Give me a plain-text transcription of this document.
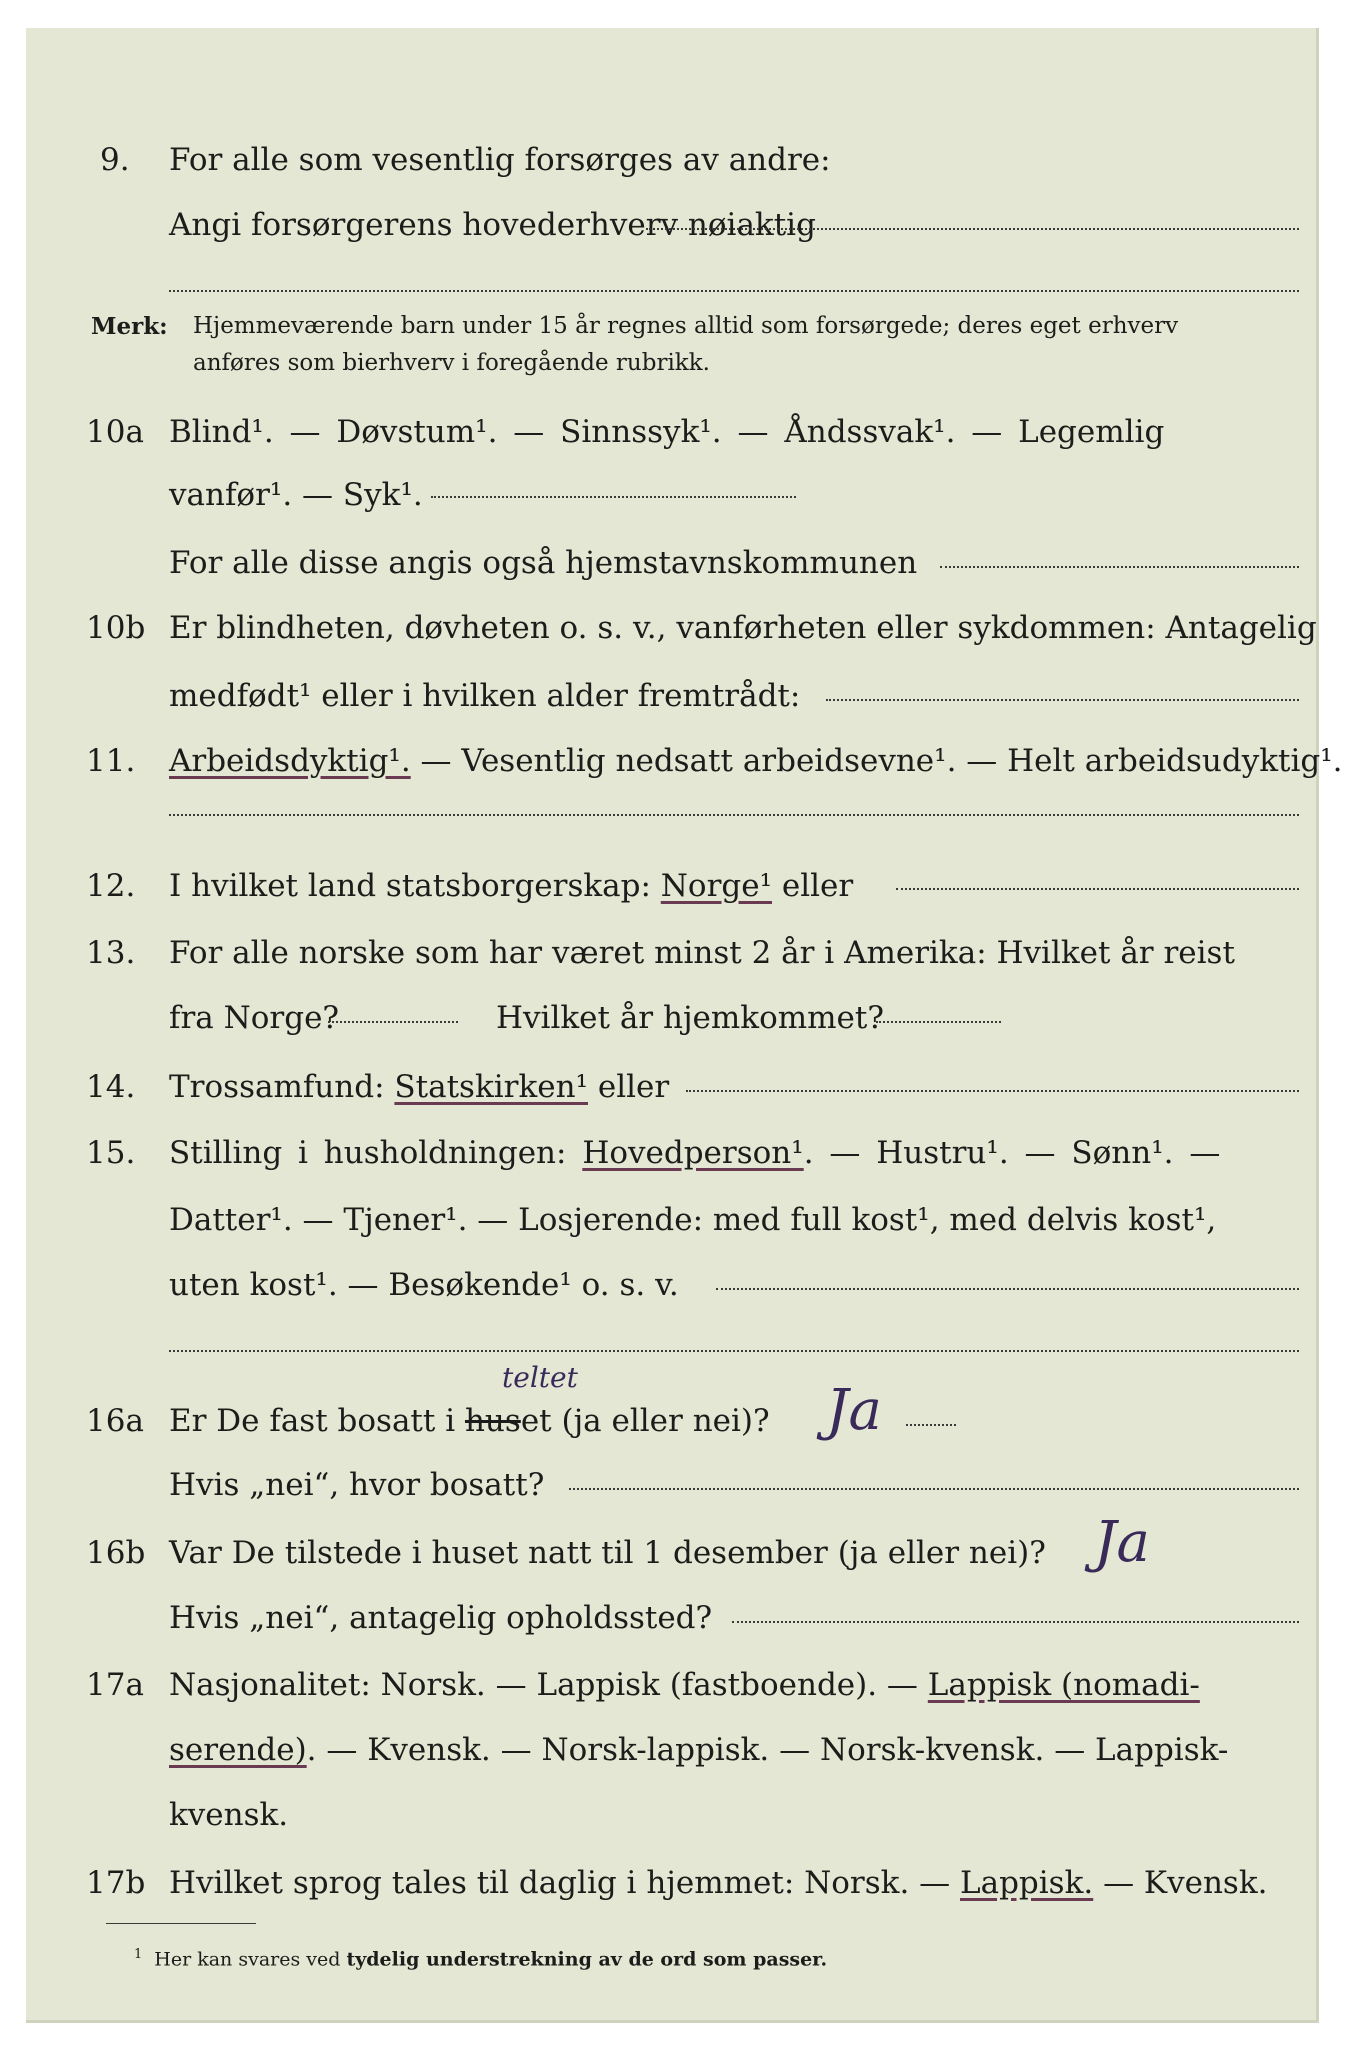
9. For alle som vesentlig forsørges av andre:
Angi forsørgerens hovederhverv nøiaktig
Merk: Hjemmeværende barn under 15 år regnes alltid som forsørgede; deres eget erhverv
anføres som bierhverv i foregående rubrikk.
10a Blind¹. — Døvstum¹. — Sinnssyk¹. — Åndssvak¹. — Legemlig
vanfør¹. — Syk¹.
For alle disse angis også hjemstavnskommunen
10b Er blindheten, døvheten o. s. v., vanførheten eller sykdommen: Antagelig
medfødt¹ eller i hvilken alder fremtrådt:
11. Arbeidsdyktig¹. — Vesentlig nedsatt arbeidsevne¹. — Helt arbeidsudyktig¹.
12. I hvilket land statsborgerskap: Norge¹ eller
13. For alle norske som har været minst 2 år i Amerika: Hvilket år reist
fra Norge?	Hvilket år hjemkommet?
14. Trossamfund: Statskirken¹ eller
15. Stilling i husholdningen: Hovedperson¹. — Hustru¹. — Sønn¹. —
Datter¹. — Tjener¹. — Losjerende: med full kost¹, med delvis kost¹,
uten kost¹. — Besøkende¹ o. s. v.
16a
teltet
Er De fast bosatt i huset (ja eller nei)? Ja
Hvis „nei“, hvor bosatt?
16b Var De tilstede i huset natt til 1 desember (ja eller nei)? Ja
Hvis „nei“, antagelig opholdssted?
17a Nasjonalitet: Norsk. — Lappisk (fastboende). — Lappisk (nomadi-
serende). — Kvensk. — Norsk-lappisk. — Norsk-kvensk. — Lappisk-
kvensk.
17b Hvilket sprog tales til daglig i hjemmet: Norsk. — Lappisk. — Kvensk.
$^1$ Her kan svares ved tydelig understrekning av de ord som passer.
